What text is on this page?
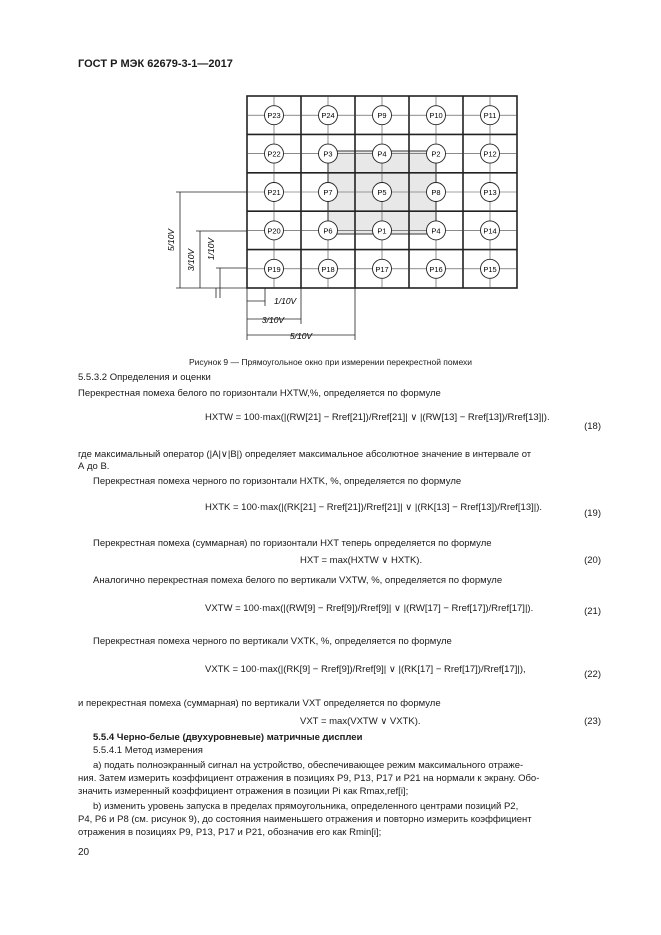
ГОСТ Р МЭК 62679-3-1—2017
P23	P24	P9	P10	P11
P22	P3	P4	P2	P12
P21	P7	P5	P8	P13
P20	P6	P1	P4	P14
P19	P18	P17	P16	P15
5/10V
3/10V 1/10V
1/10V
3/10V
5/10V
Рисунок 9 — Прямоугольное окно при измерении перекрестной помехи
5.5.3.2 Определения и оценки
Перекрестная помеха белого по горизонтали HXTW,%, определяется по формуле
HXTW = 100·max(|(RW[21] − Rref[21])/Rref[21]| ∨ |(RW[13] − Rref[13])/Rref[13]|).
(18)
где максимальный оператор (|A|∨|B|) определяет максимальное абсолютное значение в интервале от
А до В.
Перекрестная помеха черного по горизонтали HXTK, %, определяется по формуле
HXTK = 100·max(|(RK[21] − Rref[21])/Rref[21]| ∨ |(RK[13] − Rref[13])/Rref[13]|).
(19)
Перекрестная помеха (суммарная) по горизонтали HXT теперь определяется по формуле
HXT = max(HXTW ∨ HXTK).	(20)
Аналогично перекрестная помеха белого по вертикали VXTW, %, определяется по формуле
VXTW = 100·max(|(RW[9] − Rref[9])/Rref[9]| ∨ |(RW[17] − Rref[17])/Rref[17]|).	(21)
Перекрестная помеха черного по вертикали VXTK, %, определяется по формуле
VXTK = 100·max(|(RK[9] − Rref[9])/Rref[9]| ∨ |(RK[17] − Rref[17])/Rref[17]|),	(22)
и перекрестная помеха (суммарная) по вертикали VXT определяется по формуле
VXT = max(VXTW ∨ VXTK).	(23)
5.5.4 Черно-белые (двухуровневые) матричные дисплеи
5.5.4.1 Метод измерения
a) подать полноэкранный сигнал на устройство, обеспечивающее режим максимального отраже-
ния. Затем измерить коэффициент отражения в позициях P9, P13, P17 и P21 на нормали к экрану. Обо-
значить измеренный коэффициент отражения в позиции Pi как Rmax,ref[i];
b) изменить уровень запуска в пределах прямоугольника, определенного центрами позиций P2,
P4, P6 и P8 (см. рисунок 9), до состояния наименьшего отражения и повторно измерить коэффициент
отражения в позициях P9, P13, P17 и P21, обозначив его как Rmin[i];
20
